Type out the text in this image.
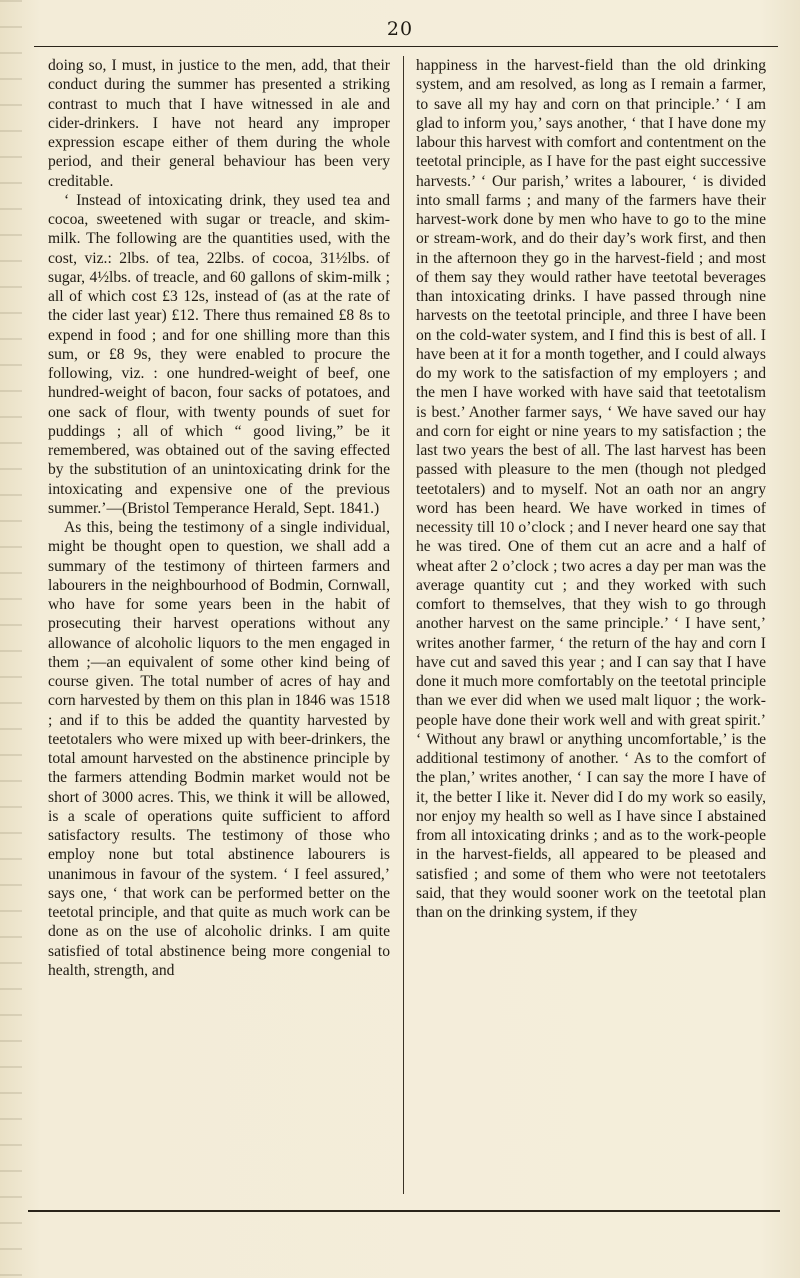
20

doing so, I must, in justice to the men, add, that their conduct during the summer has presented a striking contrast to much that I have witnessed in ale and cider-drinkers. I have not heard any improper expression escape either of them during the whole period, and their general behaviour has been very creditable.

‘ Instead of intoxicating drink, they used tea and cocoa, sweetened with sugar or treacle, and skim-milk. The following are the quantities used, with the cost, viz.: 2lbs. of tea, 22lbs. of cocoa, 31½lbs. of sugar, 4½lbs. of treacle, and 60 gallons of skim-milk ; all of which cost £3 12s, instead of (as at the rate of the cider last year) £12. There thus remained £8 8s to expend in food ; and for one shilling more than this sum, or £8 9s, they were enabled to procure the following, viz. : one hundred-weight of beef, one hundred-weight of bacon, four sacks of potatoes, and one sack of flour, with twenty pounds of suet for puddings ; all of which “ good living,” be it remembered, was obtained out of the saving effected by the substitution of an unintoxicating drink for the intoxicating and expensive one of the previous summer.’—(Bristol Temperance Herald, Sept. 1841.)

As this, being the testimony of a single individual, might be thought open to question, we shall add a summary of the testimony of thirteen farmers and labourers in the neighbourhood of Bodmin, Cornwall, who have for some years been in the habit of prosecuting their harvest operations without any allowance of alcoholic liquors to the men engaged in them ;—an equivalent of some other kind being of course given. The total number of acres of hay and corn harvested by them on this plan in 1846 was 1518 ; and if to this be added the quantity harvested by teetotalers who were mixed up with beer-drinkers, the total amount harvested on the abstinence principle by the farmers attending Bodmin market would not be short of 3000 acres. This, we think it will be allowed, is a scale of operations quite sufficient to afford satisfactory results. The testimony of those who employ none but total abstinence labourers is unanimous in favour of the system. ‘ I feel assured,’ says one, ‘ that work can be performed better on the teetotal principle, and that quite as much work can be done as on the use of alcoholic drinks. I am quite satisfied of total abstinence being more congenial to health, strength, and

happiness in the harvest-field than the old drinking system, and am resolved, as long as I remain a farmer, to save all my hay and corn on that principle.’ ‘ I am glad to inform you,’ says another, ‘ that I have done my labour this harvest with comfort and contentment on the teetotal principle, as I have for the past eight successive harvests.’ ‘ Our parish,’ writes a labourer, ‘ is divided into small farms ; and many of the farmers have their harvest-work done by men who have to go to the mine or stream-work, and do their day’s work first, and then in the afternoon they go in the harvest-field ; and most of them say they would rather have teetotal beverages than intoxicating drinks. I have passed through nine harvests on the teetotal principle, and three I have been on the cold-water system, and I find this is best of all. I have been at it for a month together, and I could always do my work to the satisfaction of my employers ; and the men I have worked with have said that teetotalism is best.’ Another farmer says, ‘ We have saved our hay and corn for eight or nine years to my satisfaction ; the last two years the best of all. The last harvest has been passed with pleasure to the men (though not pledged teetotalers) and to myself. Not an oath nor an angry word has been heard. We have worked in times of necessity till 10 o’clock ; and I never heard one say that he was tired. One of them cut an acre and a half of wheat after 2 o’clock ; two acres a day per man was the average quantity cut ; and they worked with such comfort to themselves, that they wish to go through another harvest on the same principle.’ ‘ I have sent,’ writes another farmer, ‘ the return of the hay and corn I have cut and saved this year ; and I can say that I have done it much more comfortably on the teetotal principle than we ever did when we used malt liquor ; the work-people have done their work well and with great spirit.’ ‘ Without any brawl or anything uncomfortable,’ is the additional testimony of another. ‘ As to the comfort of the plan,’ writes another, ‘ I can say the more I have of it, the better I like it. Never did I do my work so easily, nor enjoy my health so well as I have since I abstained from all intoxicating drinks ; and as to the work-people in the harvest-fields, all appeared to be pleased and satisfied ; and some of them who were not teetotalers said, that they would sooner work on the teetotal plan than on the drinking system, if they
